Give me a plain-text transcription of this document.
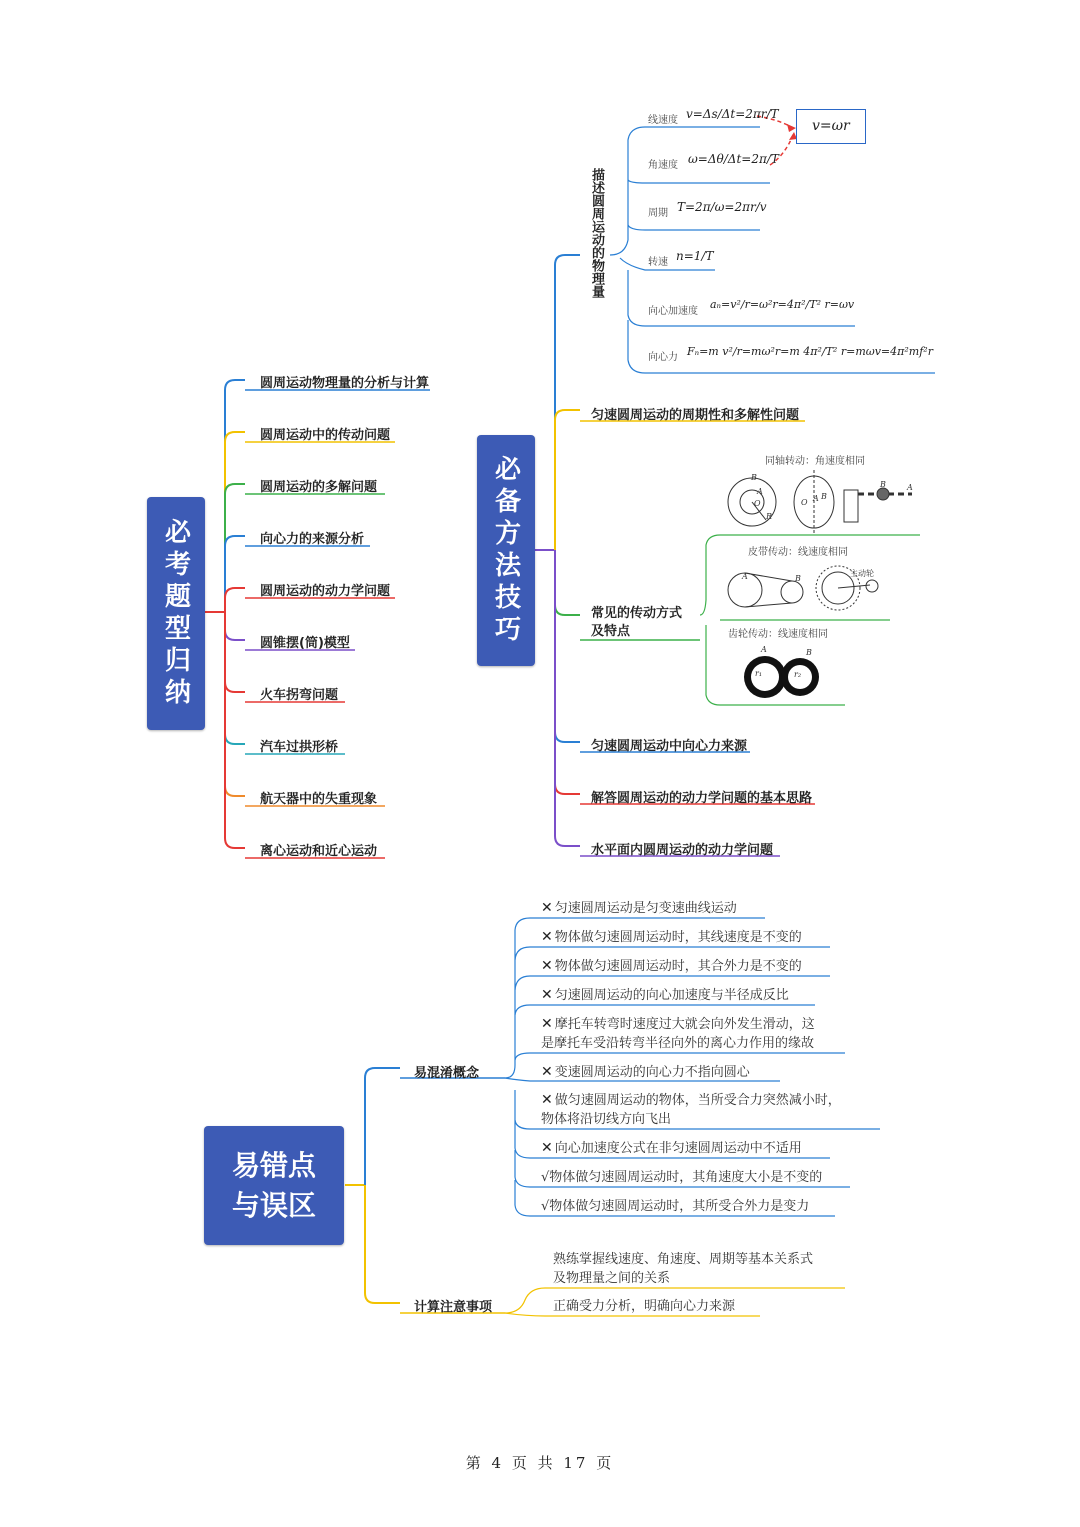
B
A
O
R
A B
O
B	A
A	B
主动轮
A	B
r₁	r₂
必考题型归纳
圆周运动物理量的分析与计算
圆周运动中的传动问题
圆周运动的多解问题
向心力的来源分析
圆周运动的动力学问题
圆锥摆(筒)模型
火车拐弯问题
汽车过拱形桥
航天器中的失重现象
离心运动和近心运动
必备方法技巧
描述圆周运动的物理量
线速度 v=Δs/Δt=2πr/T
角速度 ω=Δθ/Δt=2π/T
周期 T=2π/ω=2πr/v
转速 n=1/T
向心加速度
aₙ=v²/r=ω²r=4π²/T² r=ωv
向心力 Fₙ=m v²/r=mω²r=m 4π²/T² r=mωv=4π²mf²r
v=ωr
匀速圆周运动的周期性和多解性问题
常见的传动方式及特点
匀速圆周运动中向心力来源
解答圆周运动的动力学问题的基本思路
水平面内圆周运动的动力学问题
同轴转动：角速度相同
皮带传动：线速度相同
齿轮传动：线速度相同
易错点
与误区
易混淆概念
计算注意事项
✕ 匀速圆周运动是匀变速曲线运动
✕ 物体做匀速圆周运动时，其线速度是不变的
✕ 物体做匀速圆周运动时，其合外力是不变的
✕ 匀速圆周运动的向心加速度与半径成反比
✕ 摩托车转弯时速度过大就会向外发生滑动，这
是摩托车受沿转弯半径向外的离心力作用的缘故
✕ 变速圆周运动的向心力不指向圆心
✕ 做匀速圆周运动的物体，当所受合力突然减小时，
物体将沿切线方向飞出
✕ 向心加速度公式在非匀速圆周运动中不适用
√物体做匀速圆周运动时，其角速度大小是不变的
√物体做匀速圆周运动时，其所受合外力是变力
熟练掌握线速度、角速度、周期等基本关系式
及物理量之间的关系
正确受力分析，明确向心力来源
第 4 页 共 17 页
